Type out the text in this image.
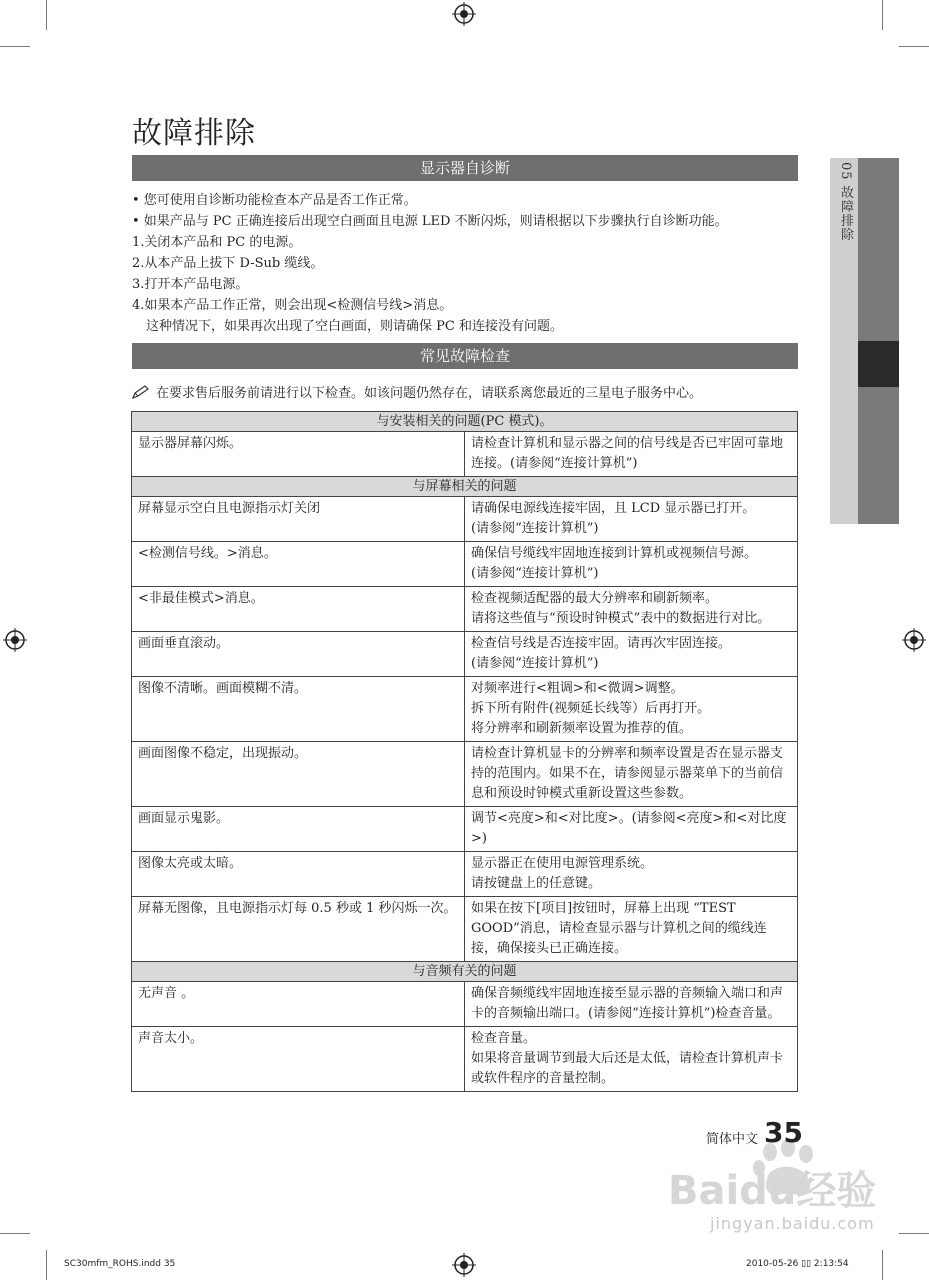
故障排除
显示器自诊断
• 您可使用自诊断功能检查本产品是否工作正常。
• 如果产品与 PC 正确连接后出现空白画面且电源 LED 不断闪烁，则请根据以下步骤执行自诊断功能。
1.关闭本产品和 PC 的电源。
2.从本产品上拔下 D-Sub 缆线。
3.打开本产品电源。
4.如果本产品工作正常，则会出现<检测信号线>消息。
这种情况下，如果再次出现了空白画面，则请确保 PC 和连接没有问题。
常见故障检查
在要求售后服务前请进行以下检查。如该问题仍然存在，请联系离您最近的三星电子服务中心。
与安装相关的问题(PC 模式)。	
显示器屏幕闪烁。	请检查计算机和显示器之间的信号线是否已牢固可靠地连接。(请参阅“连接计算机”)
与屏幕相关的问题	
屏幕显示空白且电源指示灯关闭	请确保电源线连接牢固，且 LCD 显示器已打开。
(请参阅“连接计算机”)

<检测信号线。>消息。	确保信号缆线牢固地连接到计算机或视频信号源。
(请参阅“连接计算机”)

<非最佳模式>消息。	检查视频适配器的最大分辨率和刷新频率。
请将这些值与“预设时钟模式”表中的数据进行对比。

画面垂直滚动。	检查信号线是否连接牢固。请再次牢固连接。
(请参阅“连接计算机”)

图像不清晰。画面模糊不清。	对频率进行<粗调>和<微调>调整。
拆下所有附件(视频延长线等）后再打开。
将分辨率和刷新频率设置为推荐的值。

画面图像不稳定，出现振动。	请检查计算机显卡的分辨率和频率设置是否在显示器支持的范围内。如果不在，请参阅显示器菜单下的当前信息和预设时钟模式重新设置这些参数。
画面显示鬼影。	调节<亮度>和<对比度>。(请参阅<亮度>和<对比度>)
图像太亮或太暗。	显示器正在使用电源管理系统。
请按键盘上的任意键。

屏幕无图像，且电源指示灯每 0.5 秒或 1 秒闪烁一次。	如果在按下[项目]按钮时，屏幕上出现 “TEST GOOD”消息，请检查显示器与计算机之间的缆线连接，确保接头已正确连接。
与音频有关的问题	
无声音 。	确保音频缆线牢固地连接至显示器的音频输入端口和声卡的音频输出端口。(请参阅“连接计算机”)检查音量。
声音太小。	检查音量。
如果将音量调节到最大后还是太低，请检查计算机声卡或软件程序的音量控制。
05 故障排除
Baidu经验
jingyan.baidu.com
简体中文 35
SC30mfm_ROHS.indd 35	2010-05-26 ▯▯ 2:13:54
